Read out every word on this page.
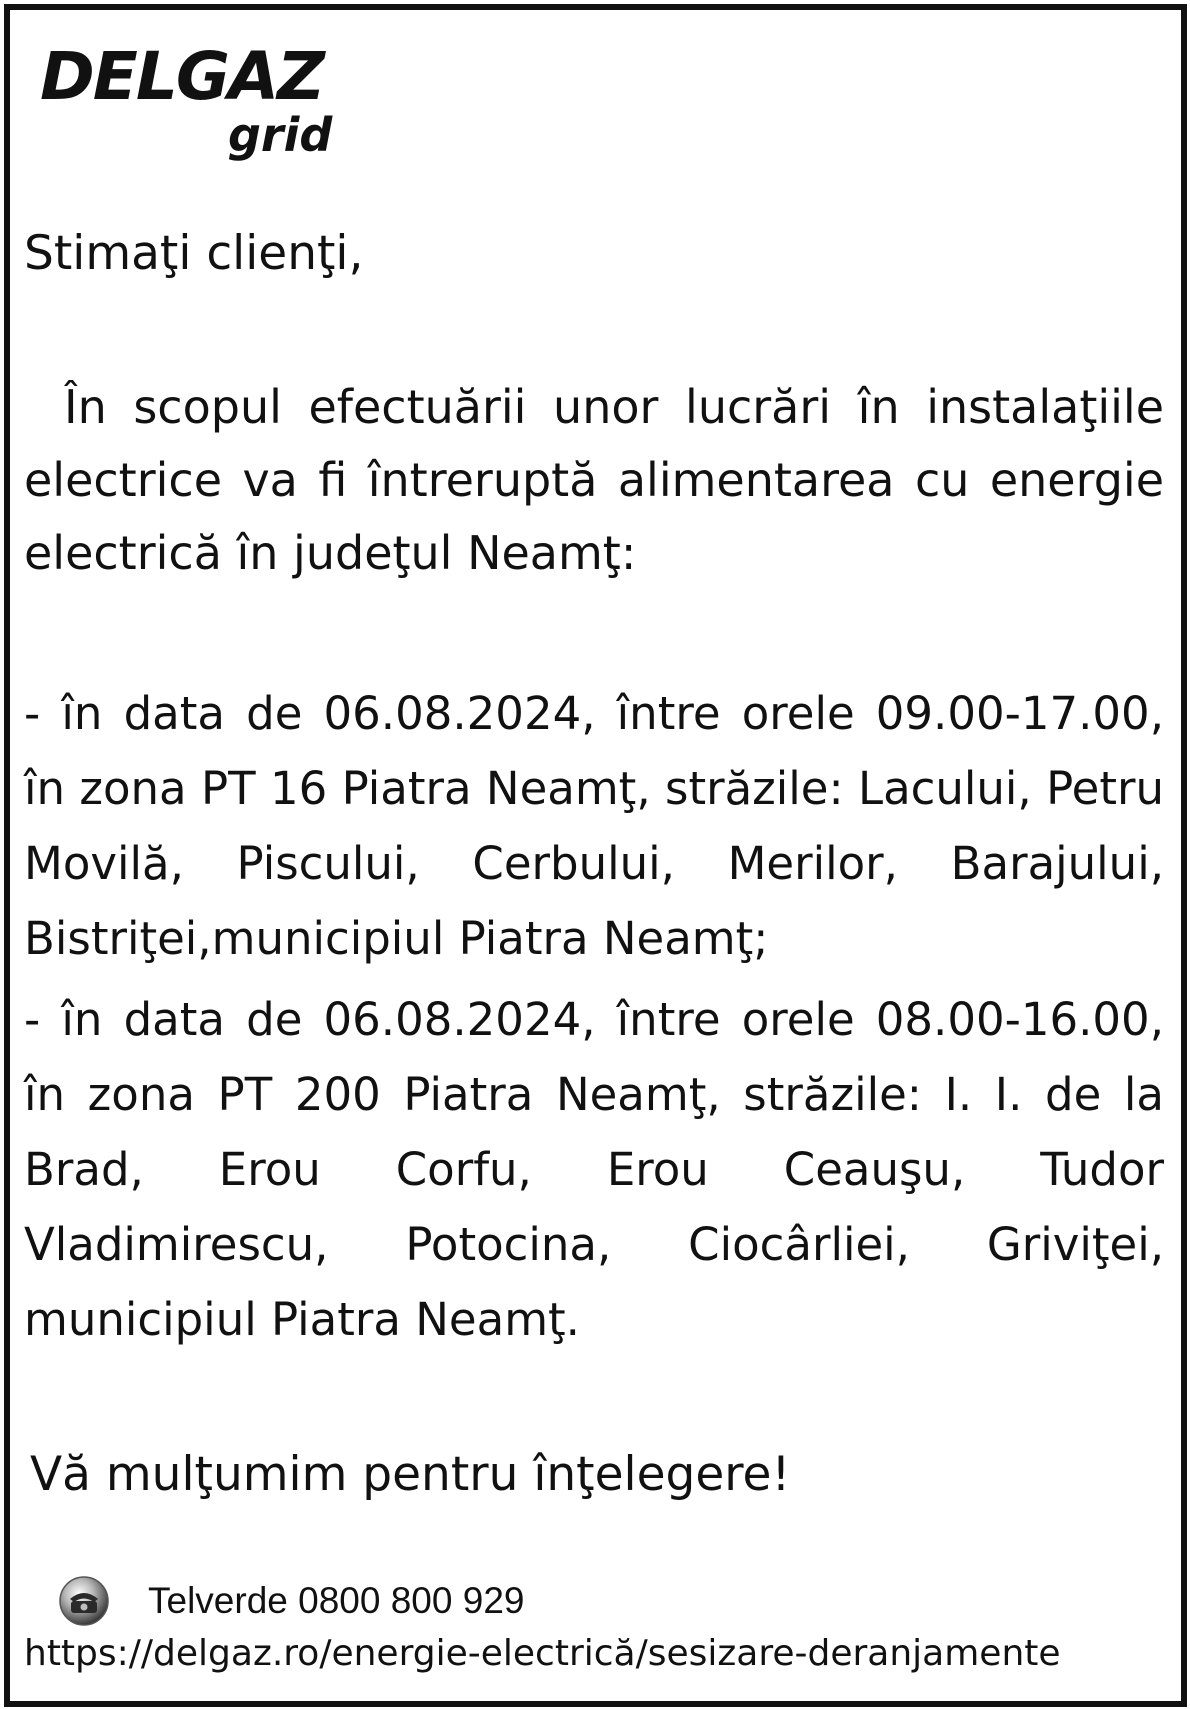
DELGAZ
grid

Stimaţi clienţi,

În scopul efectuării unor lucrări în instalaţiile electrice va fi întreruptă alimentarea cu energie electrică în judeţul Neamţ:

- în data de 06.08.2024, între orele 09.00-17.00, în zona PT 16 Piatra Neamţ, străzile: Lacului, Petru Movilă, Piscului, Cerbului, Merilor, Barajului, Bistriţei,municipiul Piatra Neamţ;

- în data de 06.08.2024, între orele 08.00-16.00, în zona PT 200 Piatra Neamţ, străzile: I. I. de la Brad, Erou Corfu, Erou Ceauşu, Tudor Vladimirescu, Potocina, Ciocârliei, Griviţei, municipiul Piatra Neamţ.

Vă mulţumim pentru înţelegere!

Telverde 0800 800 929
https://delgaz.ro/energie-electrică/sesizare-deranjamente
